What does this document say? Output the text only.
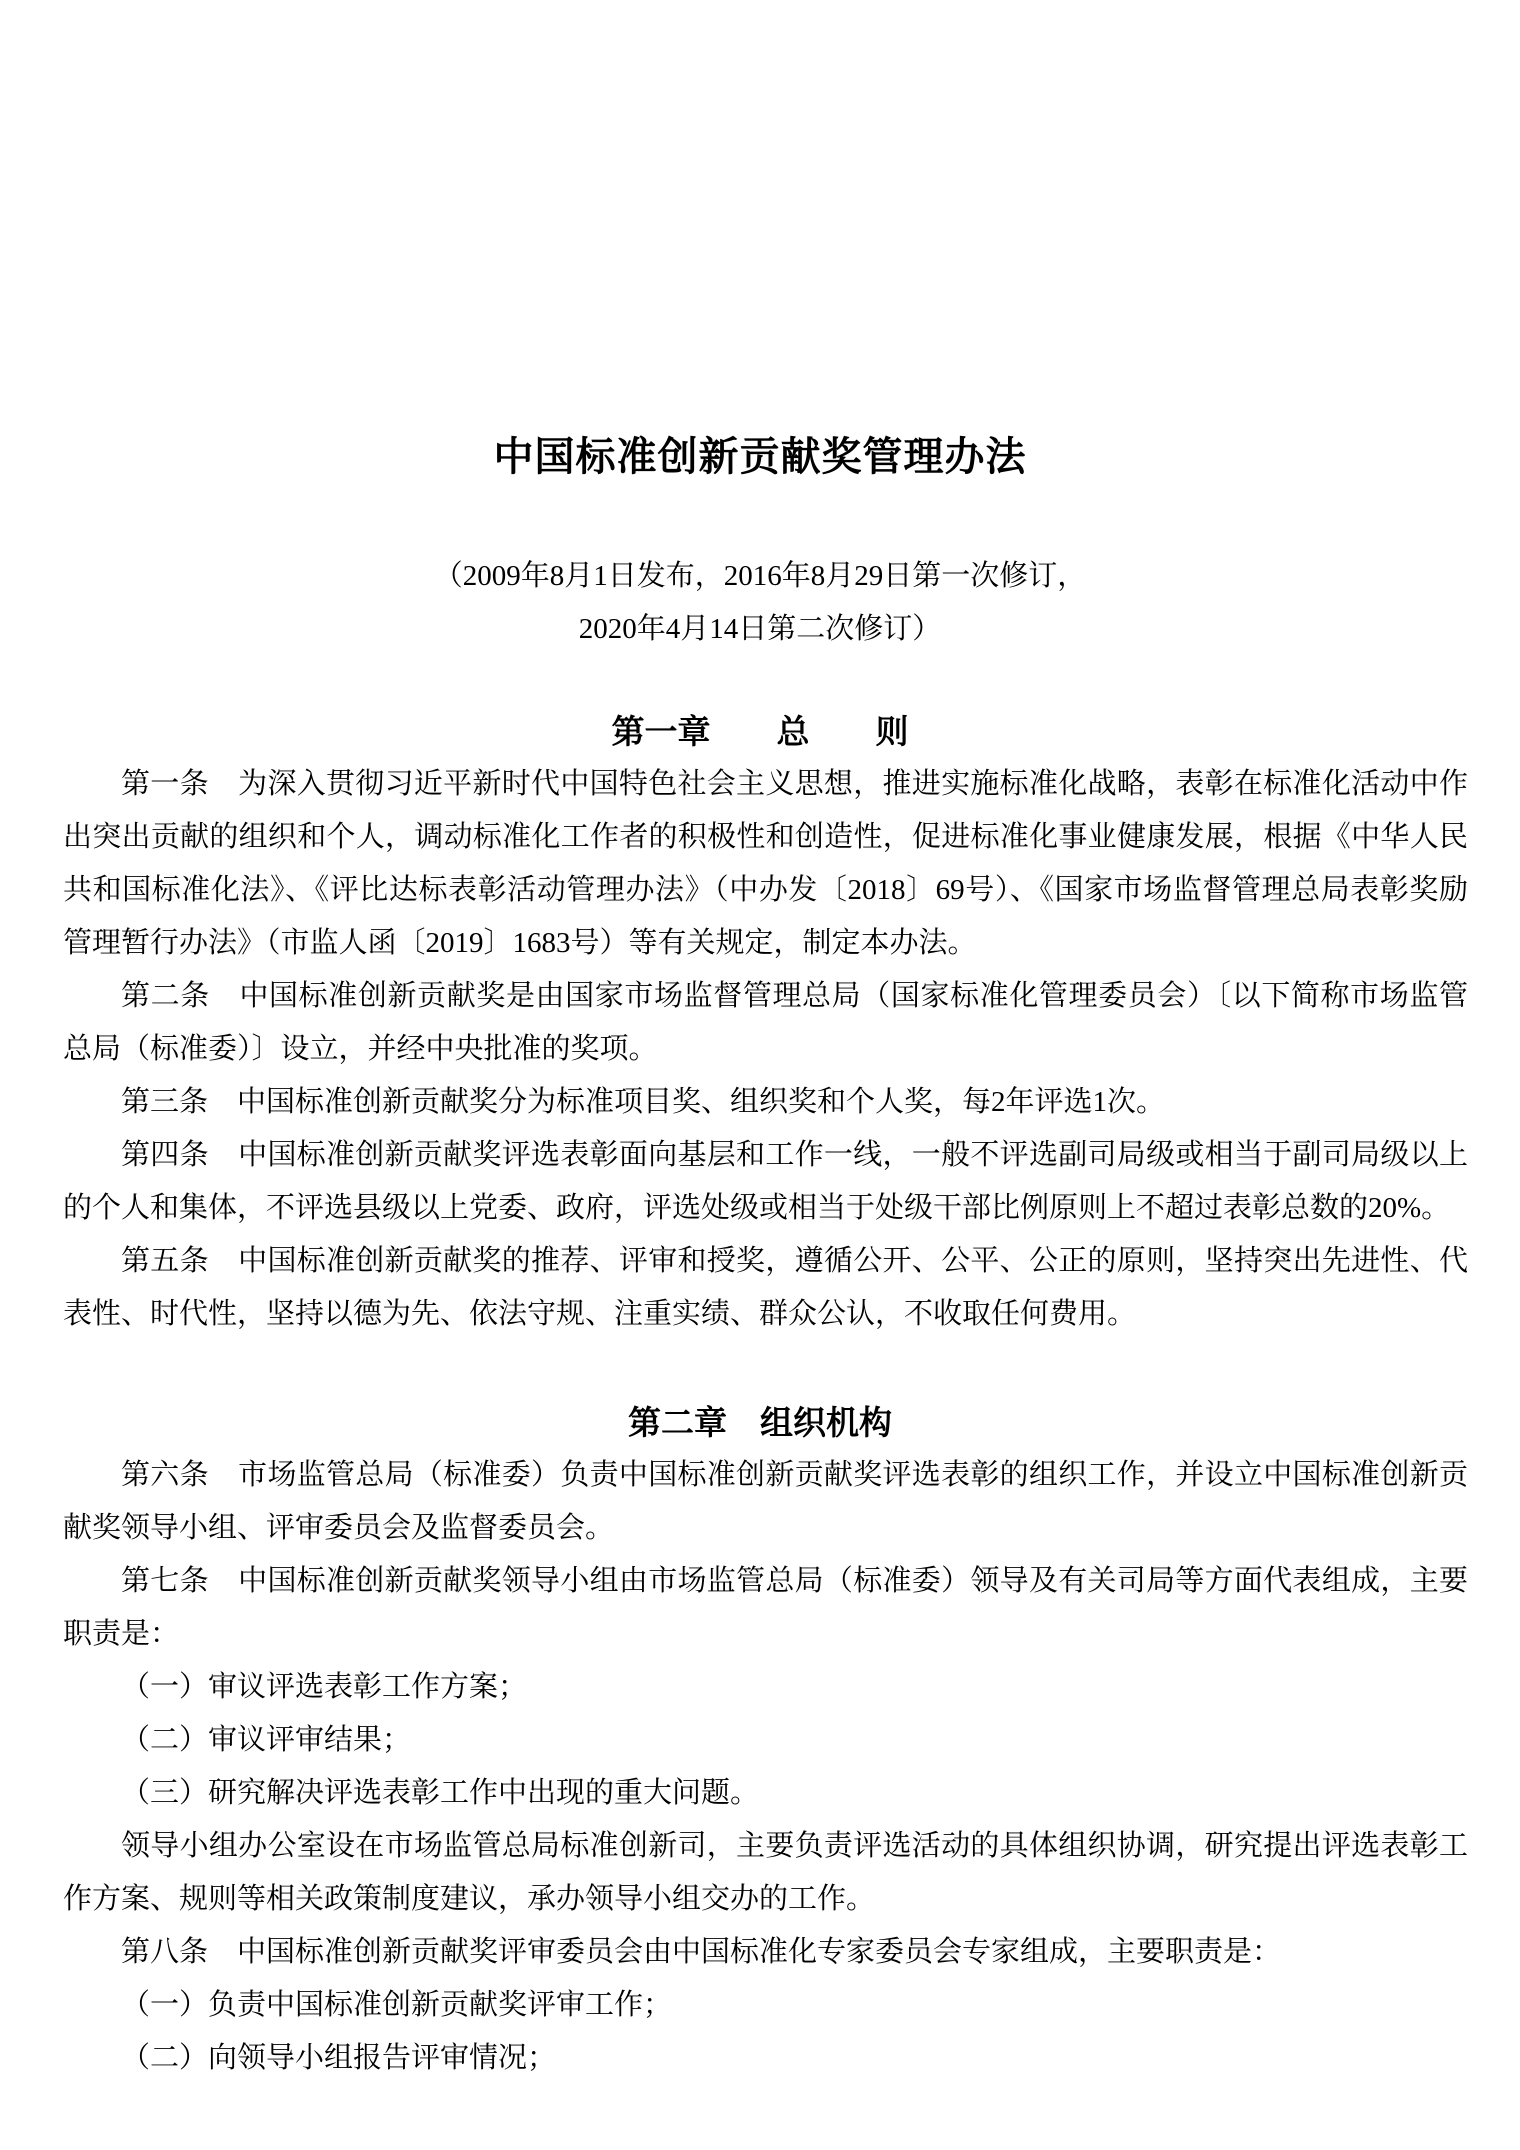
中国标准创新贡献奖管理办法

（2009年8月1日发布，2016年8月29日第一次修订，

2020年4月14日第二次修订）

第一章　　总　　则

第一条　为深入贯彻习近平新时代中国特色社会主义思想，推进实施标准化战略，表彰在标准化活动中作出突出贡献的组织和个人，调动标准化工作者的积极性和创造性，促进标准化事业健康发展，根据《中华人民共和国标准化法》、《评比达标表彰活动管理办法》（中办发〔2018〕69号）、《国家市场监督管理总局表彰奖励管理暂行办法》（市监人函〔2019〕1683号）等有关规定，制定本办法。

第二条　中国标准创新贡献奖是由国家市场监督管理总局（国家标准化管理委员会）〔以下简称市场监管总局（标准委）〕设立，并经中央批准的奖项。

第三条　中国标准创新贡献奖分为标准项目奖、组织奖和个人奖，每2年评选1次。

第四条　中国标准创新贡献奖评选表彰面向基层和工作一线，一般不评选副司局级或相当于副司局级以上的个人和集体，不评选县级以上党委、政府，评选处级或相当于处级干部比例原则上不超过表彰总数的20%。

第五条　中国标准创新贡献奖的推荐、评审和授奖，遵循公开、公平、公正的原则，坚持突出先进性、代表性、时代性，坚持以德为先、依法守规、注重实绩、群众公认，不收取任何费用。

第二章　组织机构

第六条　市场监管总局（标准委）负责中国标准创新贡献奖评选表彰的组织工作，并设立中国标准创新贡献奖领导小组、评审委员会及监督委员会。

第七条　中国标准创新贡献奖领导小组由市场监管总局（标准委）领导及有关司局等方面代表组成，主要职责是：

（一）审议评选表彰工作方案；

（二）审议评审结果；

（三）研究解决评选表彰工作中出现的重大问题。

领导小组办公室设在市场监管总局标准创新司，主要负责评选活动的具体组织协调，研究提出评选表彰工作方案、规则等相关政策制度建议，承办领导小组交办的工作。

第八条　中国标准创新贡献奖评审委员会由中国标准化专家委员会专家组成，主要职责是：

（一）负责中国标准创新贡献奖评审工作；

（二）向领导小组报告评审情况；
